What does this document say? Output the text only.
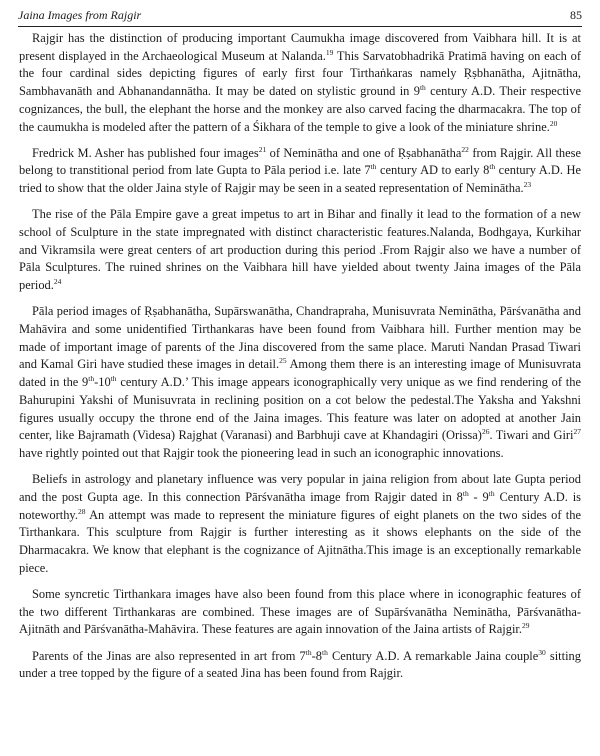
Jaina Images from Rajgir	85

Rajgir has the distinction of producing important Caumukha image discovered from Vaibhara hill. It is at present displayed in the Archaeological Museum at Nalanda.$^{19}$ This Sarvatobhadrikā Pratimā having on each of the four cardinal sides depicting figures of early first four Tirthaṅkaras namely Ṛṣbhanātha, Ajitnātha, Sambhavanāth and Abhanandannātha. It may be dated on stylistic ground in 9th century A.D. Their respective cognizances, the bull, the elephant the horse and the monkey are also carved facing the dharmacakra. The top of the caumukha is modeled after the pattern of a Śikhara of the temple to give a look of the miniature shrine.$^{20}$

Fredrick M. Asher has published four images$^{21}$ of Neminātha and one of Ṛṣabhanātha$^{22}$ from Rajgir. All these belong to transtitional period from late Gupta to Pāla period i.e. late 7th century AD to early 8th century A.D. He tried to show that the older Jaina style of Rajgir may be seen in a seated representation of Neminātha.$^{23}$

The rise of the Pāla Empire gave a great impetus to art in Bihar and finally it lead to the formation of a new school of Sculpture in the state impregnated with distinct characteristic features.Nalanda, Bodhgaya, Kurkihar and Vikramsila were great centers of art production during this period .From Rajgir also we have a number of Pāla Sculptures. The ruined shrines on the Vaibhara hill have yielded about twenty Jaina images of the Pāla period.$^{24}$

Pāla period images of Ṛṣabhanātha, Supārswanātha, Chandrapraha, Munisuvrata Neminātha, Pārśvanātha and Mahāvira and some unidentified Tirthankaras have been found from Vaibhara hill. Further mention may be made of important image of parents of the Jina discovered from the same place. Maruti Nandan Prasad Tiwari and Kamal Giri have studied these images in detail.$^{25}$ Among them there is an interesting image of Munisuvrata dated in the 9th-10th century A.D.’ This image appears iconographically very unique as we find rendering of the Bahurupini Yakshi of Munisuvrata in reclining position on a cot below the pedestal.The Yaksha and Yakshni figures usually occupy the throne end of the Jaina images. This feature was later on adopted at another Jain center, like Bajramath (Videsa) Rajghat (Varanasi) and Barbhuji cave at Khandagiri (Orissa)$^{26}$. Tiwari and Giri$^{27}$ have rightly pointed out that Rajgir took the pioneering lead in such an iconographic innovations.

Beliefs in astrology and planetary influence was very popular in jaina religion from about late Gupta period and the post Gupta age. In this connection Pārśvanātha image from Rajgir dated in 8th - 9th Century A.D. is noteworthy.$^{28}$ An attempt was made to represent the miniature figures of eight planets on the two sides of the Tirthankara. This sculpture from Rajgir is further interesting as it shows elephants on the side of the Dharmacakra. We know that elephant is the cognizance of Ajitnātha.This image is an exceptionally remarkable piece.

Some syncretic Tirthankara images have also been found from this place where in iconographic features of the two different Tirthankaras are combined. These images are of Supārśvanātha Neminātha, Pārśvanātha-Ajitnāth and Pārśvanātha-Mahāvira. These features are again innovation of the Jaina artists of Rajgir.$^{29}$

Parents of the Jinas are also represented in art from 7th-8th Century A.D. A remarkable Jaina couple$^{30}$ sitting under a tree topped by the figure of a seated Jina has been found from Rajgir.
